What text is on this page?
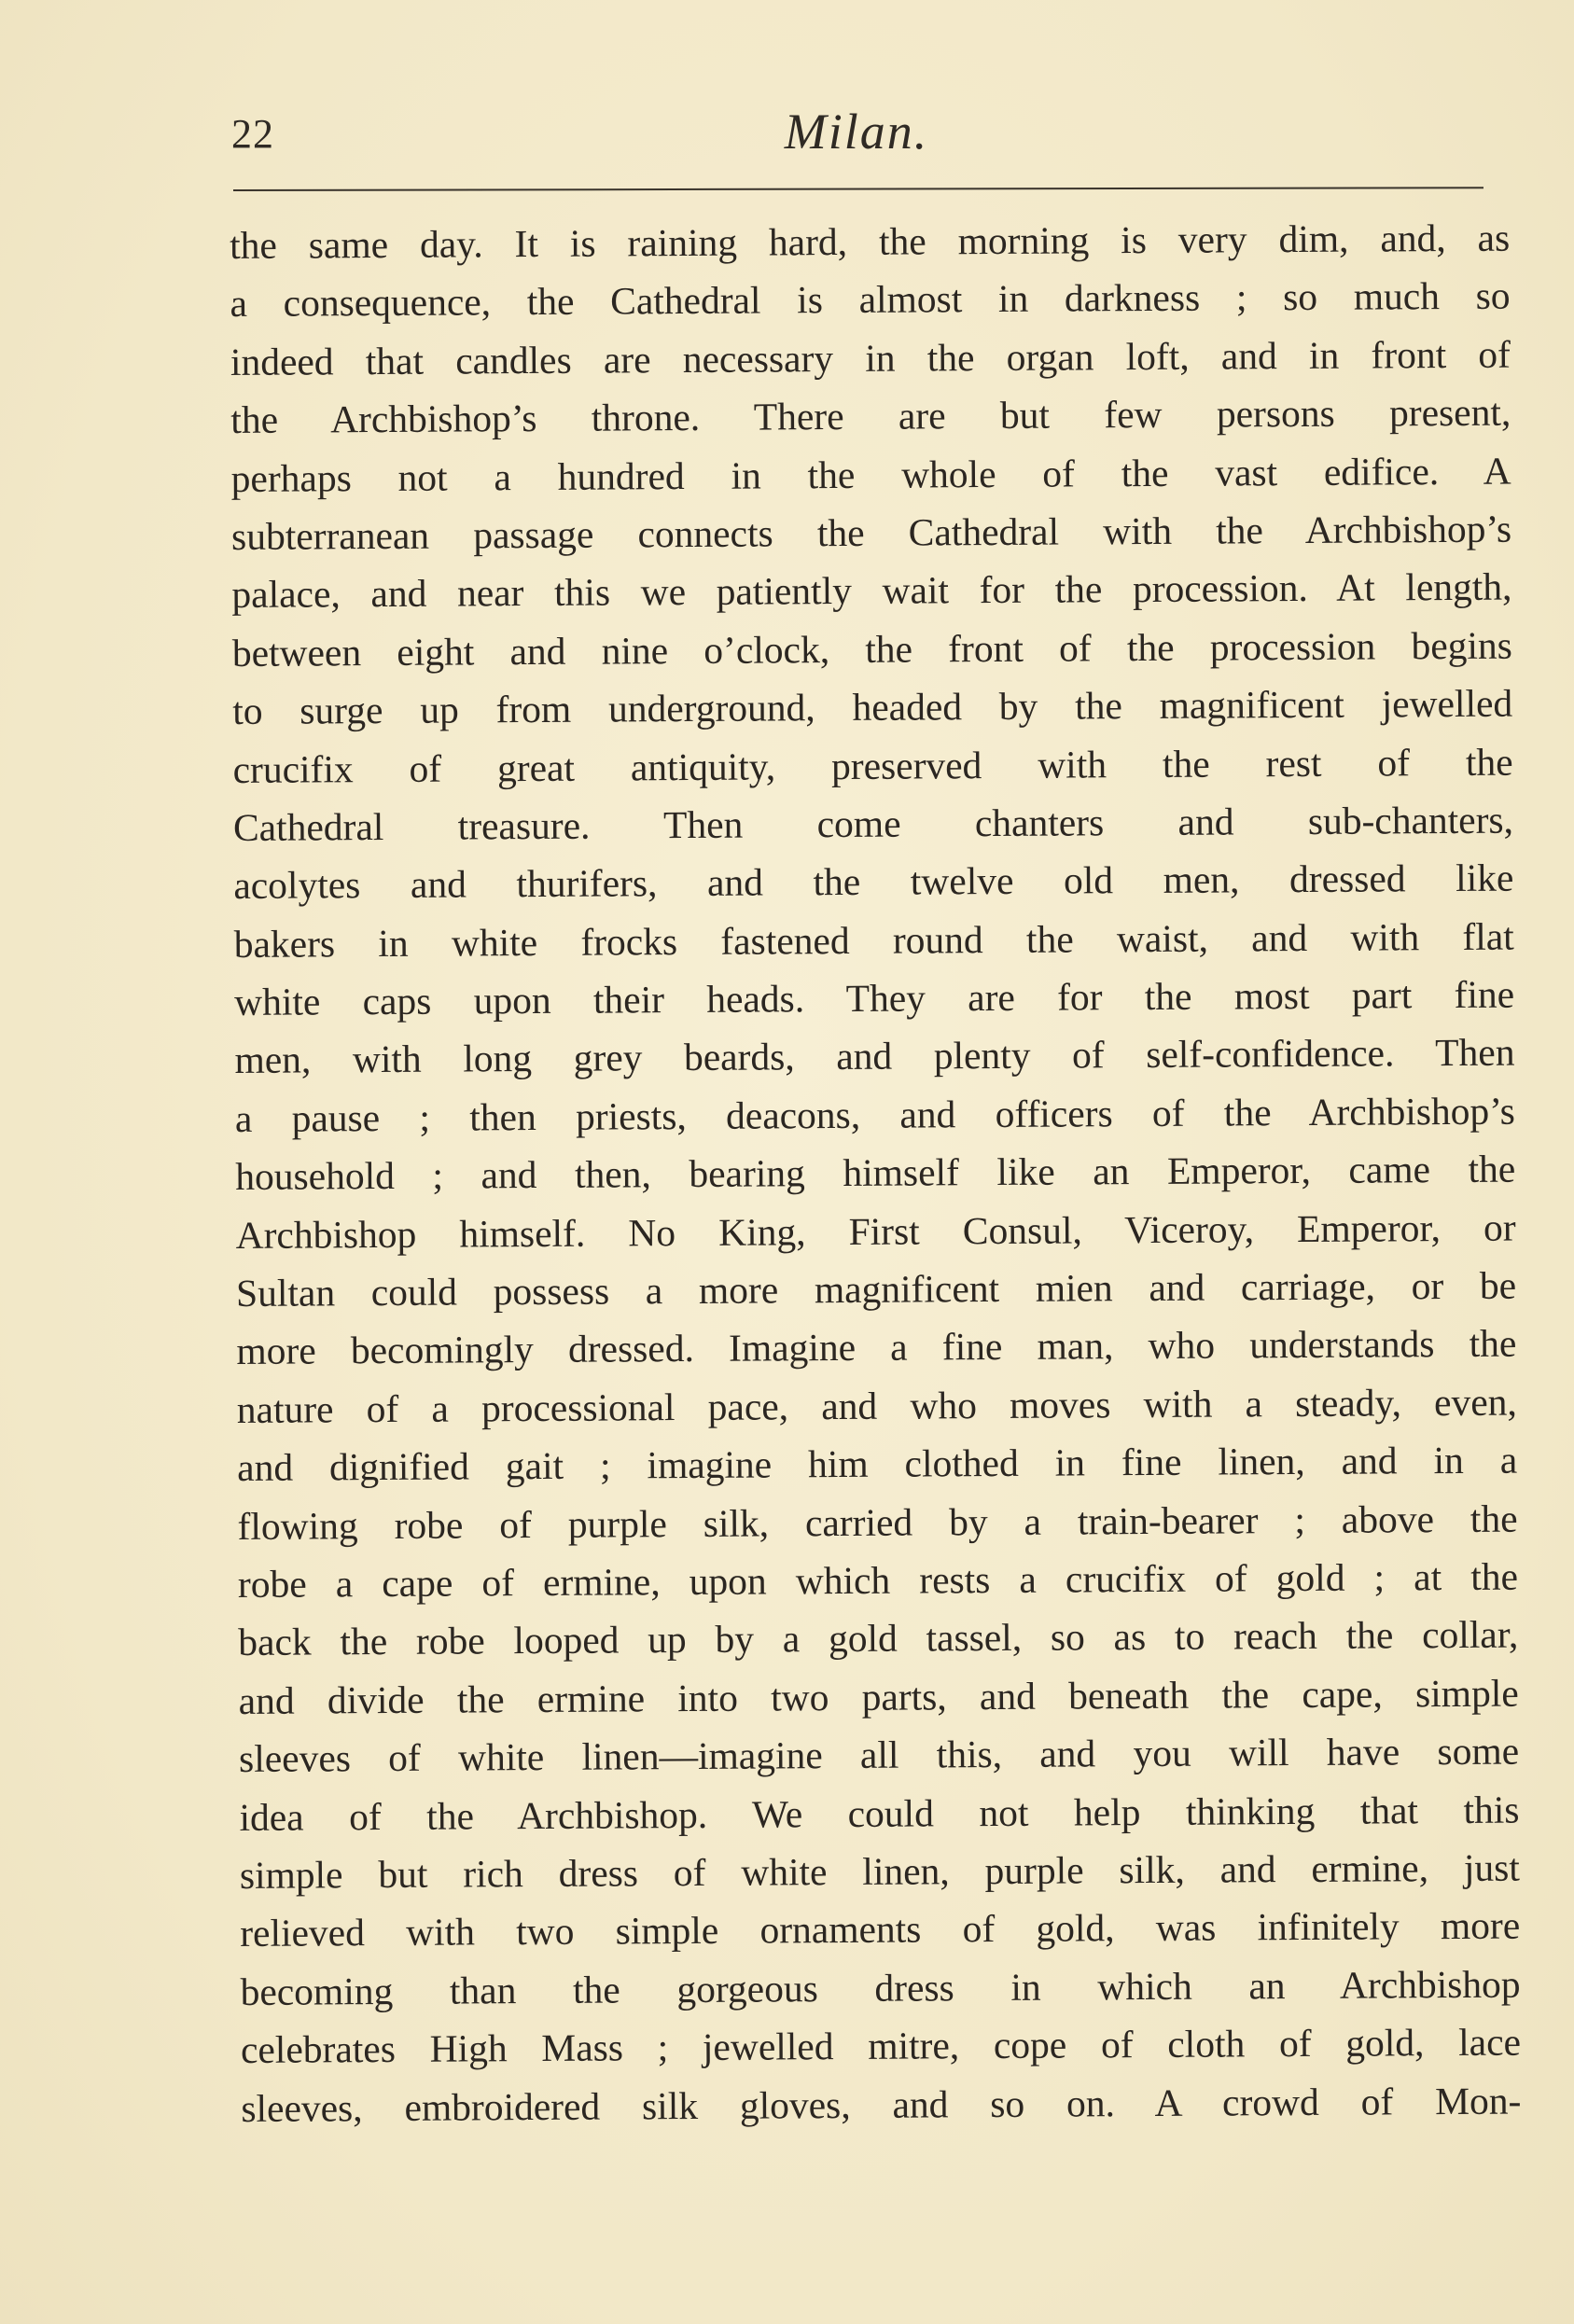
22	Milan.
the same day. It is raining hard, the morning is very dim, and, as
a consequence, the Cathedral is almost in darkness ; so much so
indeed that candles are necessary in the organ loft, and in front of
the Archbishop’s throne. There are but few persons present,
perhaps not a hundred in the whole of the vast edifice. A
subterranean passage connects the Cathedral with the Archbishop’s
palace, and near this we patiently wait for the procession. At length,
between eight and nine o’clock, the front of the procession begins
to surge up from underground, headed by the magnificent jewelled
crucifix of great antiquity, preserved with the rest of the
Cathedral treasure. Then come chanters and sub-chanters,
acolytes and thurifers, and the twelve old men, dressed like
bakers in white frocks fastened round the waist, and with flat
white caps upon their heads. They are for the most part fine
men, with long grey beards, and plenty of self-confidence. Then
a pause ; then priests, deacons, and officers of the Archbishop’s
household ; and then, bearing himself like an Emperor, came the
Archbishop himself. No King, First Consul, Viceroy, Emperor, or
Sultan could possess a more magnificent mien and carriage, or be
more becomingly dressed. Imagine a fine man, who understands the
nature of a processional pace, and who moves with a steady, even,
and dignified gait ; imagine him clothed in fine linen, and in a
flowing robe of purple silk, carried by a train-bearer ; above the
robe a cape of ermine, upon which rests a crucifix of gold ; at the
back the robe looped up by a gold tassel, so as to reach the collar,
and divide the ermine into two parts, and beneath the cape, simple
sleeves of white linen—imagine all this, and you will have some
idea of the Archbishop. We could not help thinking that this
simple but rich dress of white linen, purple silk, and ermine, just
relieved with two simple ornaments of gold, was infinitely more
becoming than the gorgeous dress in which an Archbishop
celebrates High Mass ; jewelled mitre, cope of cloth of gold, lace
sleeves, embroidered silk gloves, and so on. A crowd of Mon-
